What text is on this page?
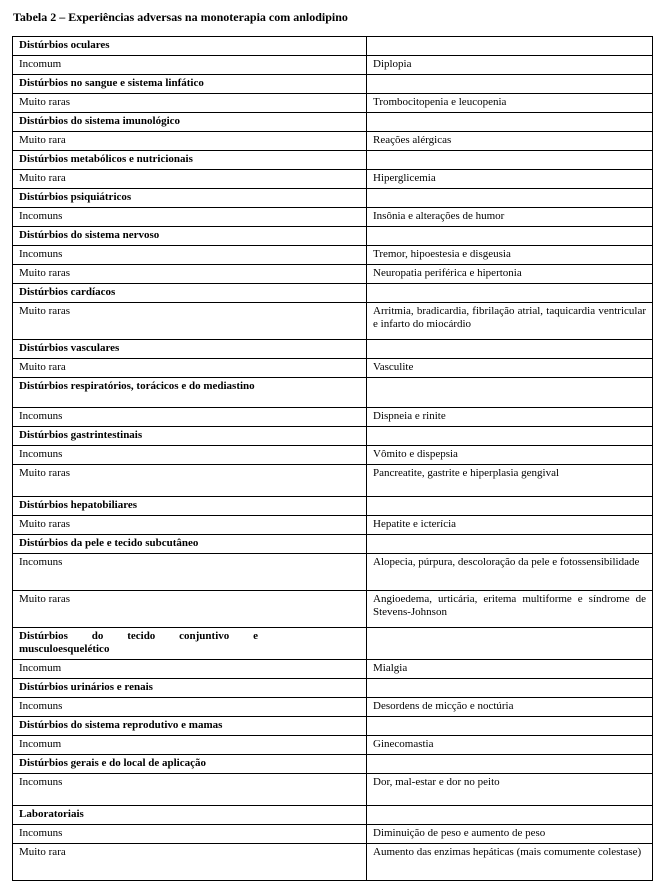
Tabela 2 – Experiências adversas na monoterapia com anlodipino
Distúrbios oculares	
Incomum	Diplopia
Distúrbios no sangue e sistema linfático	
Muito raras	Trombocitopenia e leucopenia
Distúrbios do sistema imunológico	
Muito rara	Reações alérgicas
Distúrbios metabólicos e nutricionais	
Muito rara	Hiperglicemia
Distúrbios psiquiátricos	
Incomuns	Insônia e alterações de humor
Distúrbios do sistema nervoso	
Incomuns	Tremor, hipoestesia e disgeusia
Muito raras	Neuropatia periférica e hipertonia
Distúrbios cardíacos	
Muito raras	Arritmia, bradicardia, fibrilação atrial, taquicardia ventricular e infarto do miocárdio
Distúrbios vasculares	
Muito rara	Vasculite
Distúrbios respiratórios, torácicos e do mediastino	
Incomuns	Dispneia e rinite
Distúrbios gastrintestinais	
Incomuns	Vômito e dispepsia
Muito raras	Pancreatite, gastrite e hiperplasia gengival
Distúrbios hepatobiliares	
Muito raras	Hepatite e icterícia
Distúrbios da pele e tecido subcutâneo	
Incomuns	Alopecia, púrpura, descoloração da pele e fotossensibilidade
Muito raras	Angioedema, urticária, eritema multiforme e síndrome de Stevens-Johnson
Distúrbios do tecido conjuntivo e musculoesquelético	
Incomum	Mialgia
Distúrbios urinários e renais	
Incomuns	Desordens de micção e noctúria
Distúrbios do sistema reprodutivo e mamas	
Incomum	Ginecomastia
Distúrbios gerais e do local de aplicação	
Incomuns	Dor, mal-estar e dor no peito
Laboratoriais	
Incomuns	Diminuição de peso e aumento de peso
Muito rara	Aumento das enzimas hepáticas (mais comumente colestase)
